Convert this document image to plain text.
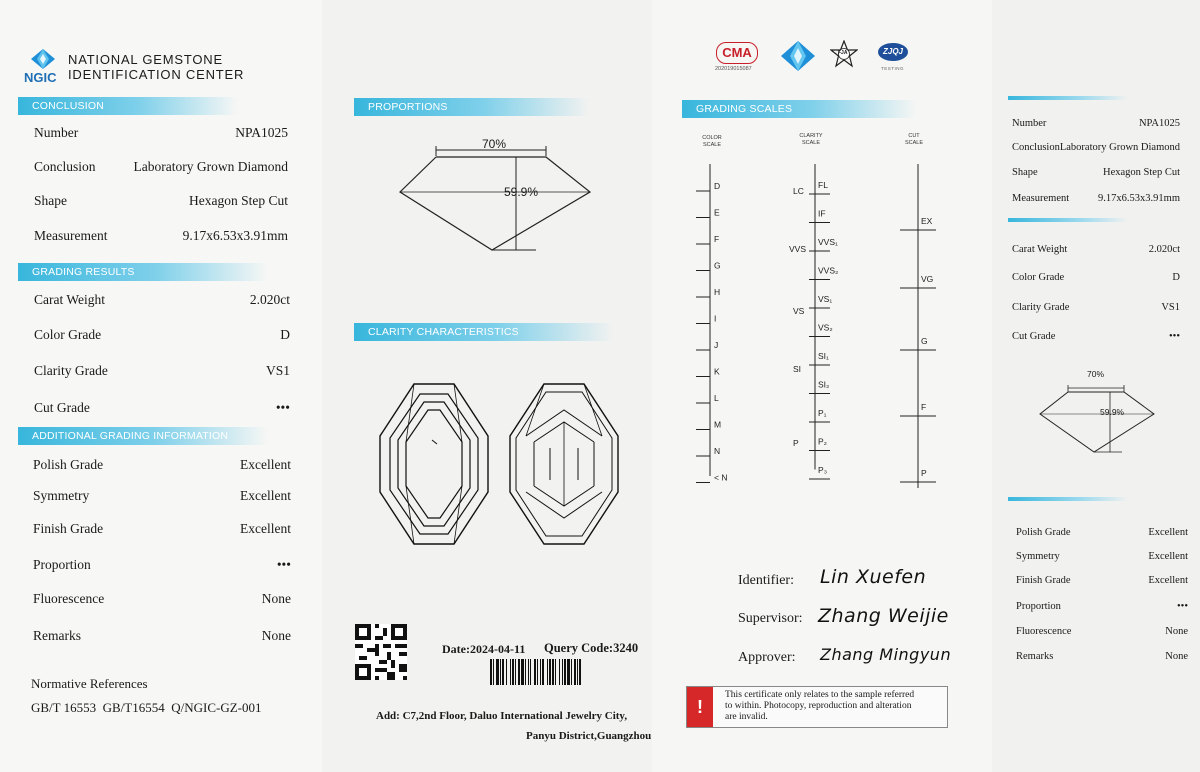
NGIC
NATIONAL GEMSTONE
IDENTIFICATION CENTER
CONCLUSION
Number	NPA1025
Conclusion	Laboratory Grown Diamond
Shape	Hexagon Step Cut
Measurement	9.17x6.53x3.91mm
GRADING RESULTS
Carat Weight	2.020ct
Color Grade	D
Clarity Grade	VS1
Cut Grade	•••
ADDITIONAL GRADING INFORMATION
Polish Grade	Excellent
Symmetry	Excellent
Finish Grade	Excellent
Proportion	•••
Fluorescence	None
Remarks	None
Normative References
GB/T 16553  GB/T16554  Q/NGIC-GZ-001
PROPORTIONS
70%
59.9%
CLARITY CHARACTERISTICS
Date:2024-04-11 Query Code:3240
Add: C7,2nd Floor, Daluo International Jewelry City,
Panyu District,Guangzhou
CMA
2020190150​87
FJA	ZJQJ
TESTING
GRADING SCALES
COLOR SCALE
CLARITY SCALE
CUT SCALE
D
E
F
G
H
I
J
K
L
M
N
< N
FL
IF
VVS₁
VVS₂
VS₁
VS₂
SI₁
SI₂
P₁
P₂
P₃
LC
VVS
VS
SI
P
EX
VG
G
F
P
Identifier: Lin Xuefen
Supervisor: Zhang Weijie
Approver: Zhang Mingyun
!
This certificate only relates to the sample referred
to within. Photocopy, reproduction and alteration
are invalid.
Number	NPA1025
Conclusion Laboratory Grown Diamond
Shape	Hexagon Step Cut
Measurement	9.17x6.53x3.91mm
Carat Weight	2.020ct
Color Grade	D
Clarity Grade	VS1
Cut Grade	•••
70%
59.9%
Polish Grade	Excellent
Symmetry	Excellent
Finish Grade	Excellent
Proportion	•••
Fluorescence	None
Remarks	None
